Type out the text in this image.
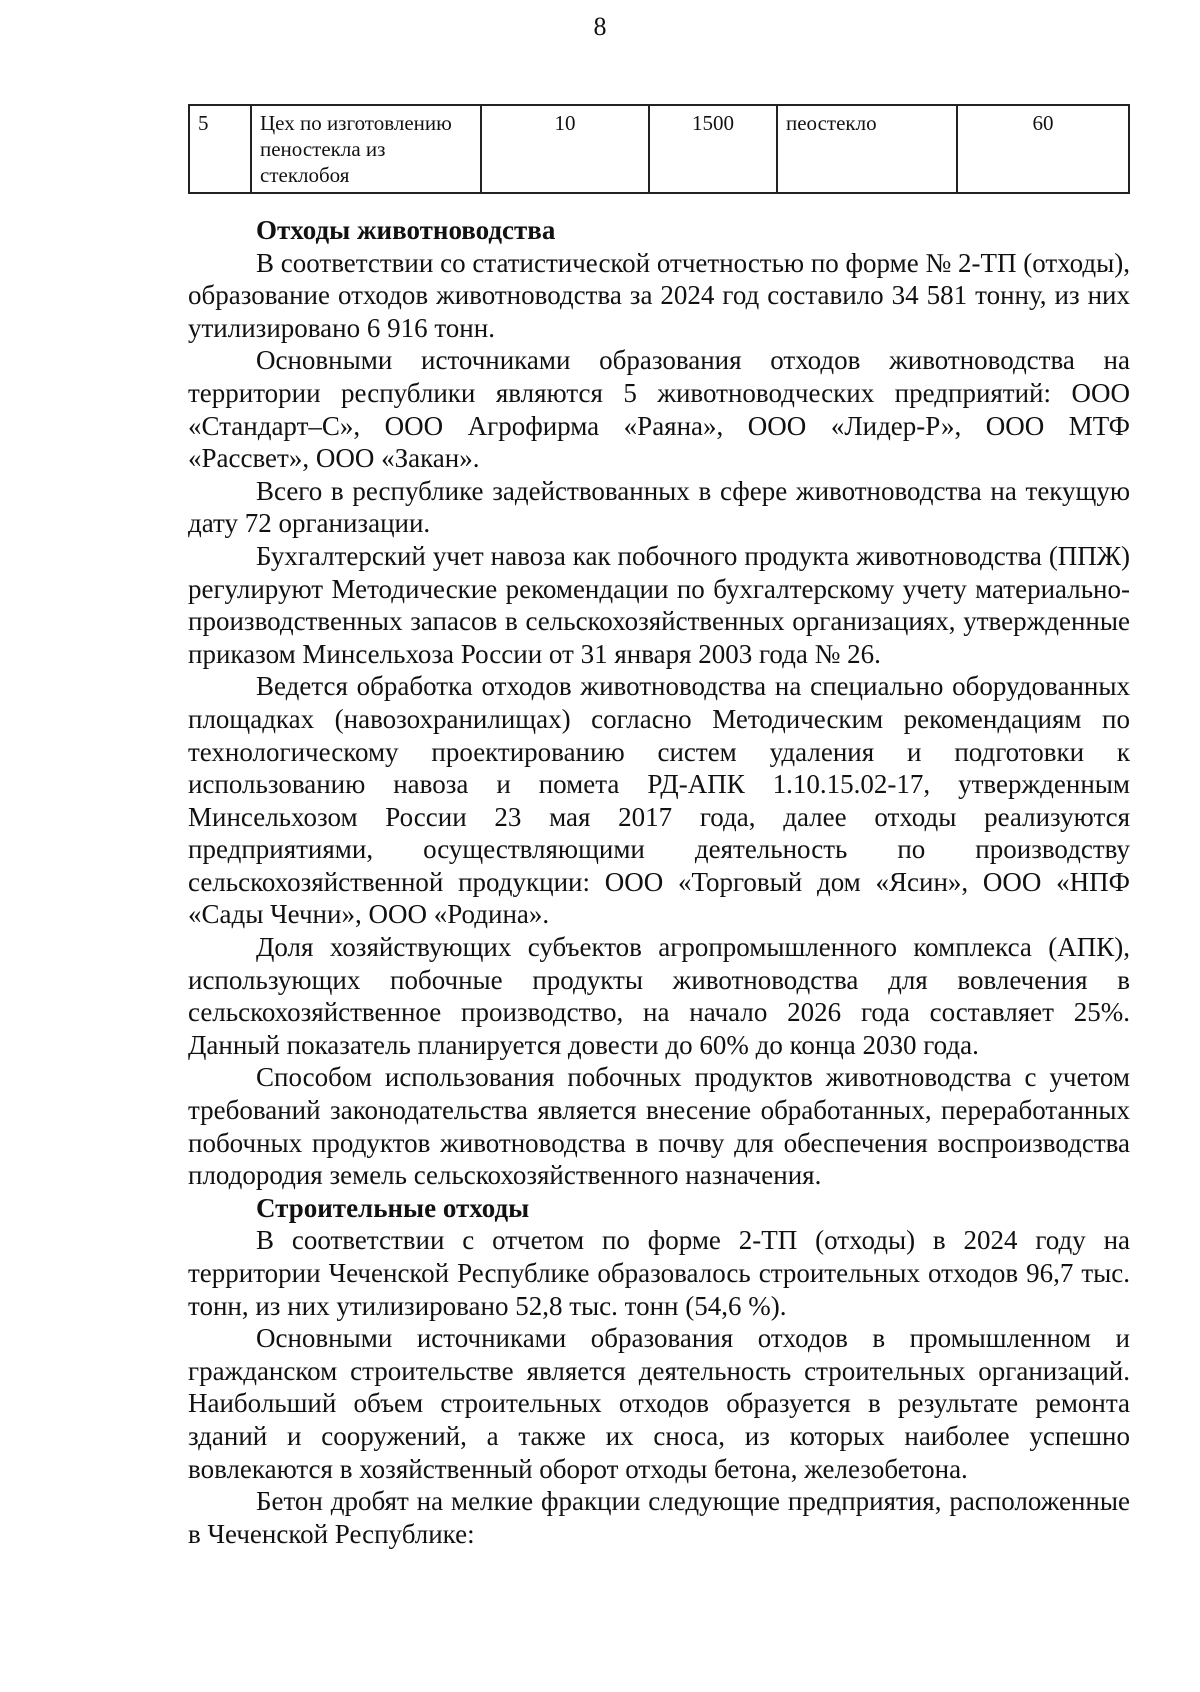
8
5	Цех по изготовлению пеностекла из стеклобоя	10	1500	пеостекло	60
Отходы животноводства

В соответствии со статистической отчетностью по форме № 2-ТП (отходы), образование отходов животноводства за 2024 год составило 34 581 тонну, из них утилизировано 6 916 тонн.

Основными источниками образования отходов животноводства на территории республики являются 5 животноводческих предприятий: ООО «Стандарт–С», ООО Агрофирма «Раяна», ООО «Лидер-Р», ООО МТФ «Рассвет», ООО «Закан».

Всего в республике задействованных в сфере животноводства на текущую дату 72 организации.

Бухгалтерский учет навоза как побочного продукта животноводства (ППЖ) регулируют Методические рекомендации по бухгалтерскому учету материально-производственных запасов в сельскохозяйственных организациях, утвержденные приказом Минсельхоза России от 31 января 2003 года № 26.

Ведется обработка отходов животноводства на специально оборудованных площадках (навозохранилищах) согласно Методическим рекомендациям по технологическому проектированию систем удаления и подготовки к использованию навоза и помета РД-АПК 1.10.15.02-17, утвержденным Минсельхозом России 23 мая 2017 года, далее отходы реализуются предприятиями, осуществляющими деятельность по производству сельскохозяйственной продукции: ООО «Торговый дом «Ясин», ООО «НПФ «Сады Чечни», ООО «Родина».

Доля хозяйствующих субъектов агропромышленного комплекса (АПК), использующих побочные продукты животноводства для вовлечения в сельскохозяйственное производство, на начало 2026 года составляет 25%. Данный показатель планируется довести до 60% до конца 2030 года.

Способом использования побочных продуктов животноводства с учетом требований законодательства является внесение обработанных, переработанных побочных продуктов животноводства в почву для обеспечения воспроизводства плодородия земель сельскохозяйственного назначения.

Строительные отходы

В соответствии с отчетом по форме 2-ТП (отходы) в 2024 году на территории Чеченской Республике образовалось строительных отходов 96,7 тыс. тонн, из них утилизировано 52,8 тыс. тонн (54,6 %).

Основными источниками образования отходов в промышленном и гражданском строительстве является деятельность строительных организаций. Наибольший объем строительных отходов образуется в результате ремонта зданий и сооружений, а также их сноса, из которых наиболее успешно вовлекаются в хозяйственный оборот отходы бетона, железобетона.

Бетон дробят на мелкие фракции следующие предприятия, расположенные в Чеченской Республике:
